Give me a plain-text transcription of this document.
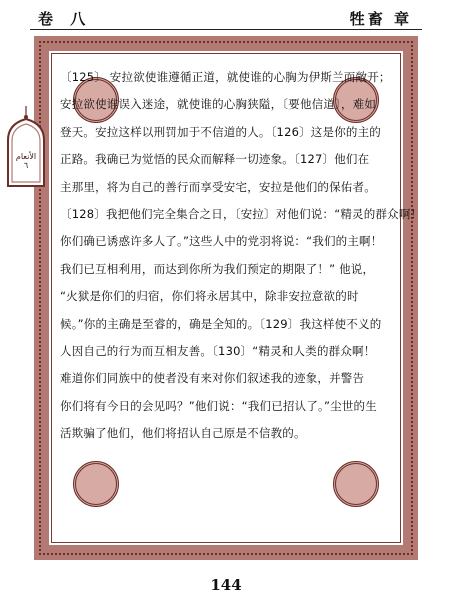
卷 八	牲畜 章
الأنعام
٦

〔125〕 安拉欲使谁遵循正道，就使谁的心胸为伊斯兰而敞开；

安拉欲使谁误入迷途，就使谁的心胸狭隘，〔要他信道〕，难如

登天。安拉这样以刑罚加于不信道的人。〔126〕这是你的主的

正路。我确已为觉悟的民众而解释一切迹象。〔127〕他们在

主那里，将为自己的善行而享受安宅，安拉是他们的保佑者。

〔128〕我把他们完全集合之日，〔安拉〕对他们说：“精灵的群众啊！

你们确已诱惑许多人了。”这些人中的党羽将说：“我们的主啊！

我们已互相利用，而达到你所为我们预定的期限了！” 他说，

“火狱是你们的归宿，你们将永居其中，除非安拉意欲的时

候。”你的主确是至睿的，确是全知的。〔129〕我这样使不义的

人因自己的行为而互相友善。〔130〕“精灵和人类的群众啊！

难道你们同族中的使者没有来对你们叙述我的迹象，并警告

你们将有今日的会见吗？”他们说：“我们已招认了。”尘世的生

活欺骗了他们，他们将招认自己原是不信教的。

144
